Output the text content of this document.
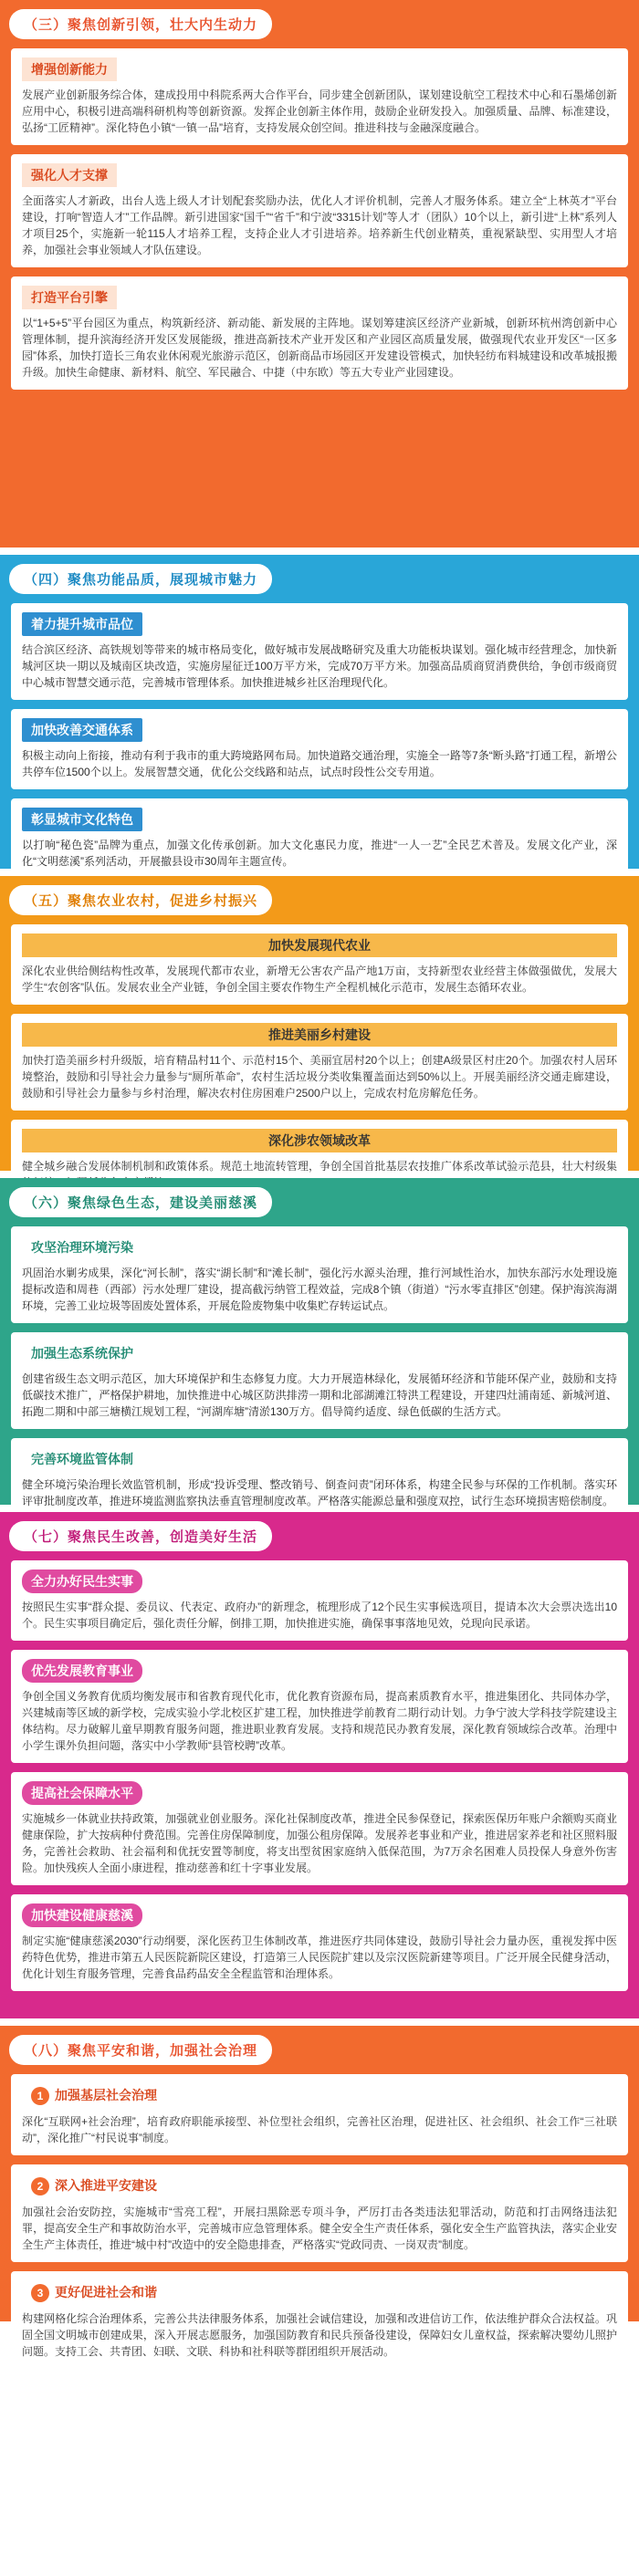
（三）聚焦创新引领，壮大内生动力
增强创新能力

发展产业创新服务综合体，建成投用中科院系两大合作平台，同步建全创新团队，谋划建设航空工程技术中心和石墨烯创新应用中心，积极引进高端科研机构等创新资源。发挥企业创新主体作用，鼓励企业研发投入。加强质量、品牌、标准建设，弘扬“工匠精神”。深化特色小镇“一镇一品”培育，支持发展众创空间。推进科技与金融深度融合。

强化人才支撑

全面落实人才新政，出台人选上级人才计划配套奖励办法，优化人才评价机制，完善人才服务体系。建立全“上林英才”平台建设，打响“智造人才”工作品牌。新引进国家“国千”“省千”和宁波“3315计划”等人才（团队）10个以上，新引进“上林”系列人才项目25个，实施新一轮115人才培养工程，支持企业人才引进培养。培养新生代创业精英，重视紧缺型、实用型人才培养，加强社会事业领域人才队伍建设。

打造平台引擎

以“1+5+5”平台园区为重点，构筑新经济、新动能、新发展的主阵地。谋划筹建滨区经济产业新城，创新环杭州湾创新中心管理体制，提升滨海经济开发区发展能级，推进高新技术产业开发区和产业园区高质量发展，做强现代农业开发区“一区多园”体系，加快打造长三角农业休闲观光旅游示范区，创新商品市场园区开发建设管模式，加快轻纺布料城建设和改革城报搬升级。加快生命健康、新材料、航空、军民融合、中捷（中东欧）等五大专业产业园建设。

（四）聚焦功能品质，展现城市魅力
着力提升城市品位

结合滨区经济、高铁规划等带来的城市格局变化，做好城市发展战略研究及重大功能板块谋划。强化城市经营理念，加快新城河区块一期以及城南区块改造，实施房屋征迁100万平方米，完成70万平方米。加强高品质商贸消费供给，争创市级商贸中心城市智慧交通示范，完善城市管理体系。加快推进城乡社区治理现代化。

加快改善交通体系

积极主动向上衔接，推动有利于我市的重大跨境路网布局。加快道路交通治理，实施全一路等7条“断头路”打通工程，新增公共停车位1500个以上。发展智慧交通，优化公交线路和站点，试点时段性公交专用道。

彰显城市文化特色

以打响“秘色瓷”品牌为重点，加强文化传承创新。加大文化惠民力度，推进“一人一艺”全民艺术普及。发展文化产业，深化“文明慈溪”系列活动，开展撤县设市30周年主题宣传。

（五）聚焦农业农村，促进乡村振兴
加快发展现代农业

深化农业供给侧结构性改革，发展现代都市农业，新增无公害农产品产地1万亩，支持新型农业经营主体做强做优，发展大学生“农创客”队伍。发展农业全产业链，争创全国主要农作物生产全程机械化示范市，发展生态循环农业。

推进美丽乡村建设

加快打造美丽乡村升级版，培育精品村11个、示范村15个、美丽宜居村20个以上；创建A级景区村庄20个。加强农村人居环境整治，鼓励和引导社会力量参与“厕所革命”，农村生活垃圾分类收集覆盖面达到50%以上。开展美丽经济交通走廊建设，鼓励和引导社会力量参与乡村治理，解决农村住房困难户2500户以上，完成农村危房解危任务。

深化涉农领域改革

健全城乡融合发展体制机制和政策体系。规范土地流转管理，争创全国首批基层农技推广体系改革试验示范县，壮大村级集

（六）聚焦绿色生态，建设美丽慈溪
攻坚治理环境污染

巩固治水剿劣成果，深化“河长制”，落实“湖长制”和“滩长制”，强化污水源头治理，推行河域性治水，加快东部污水处理设施提标改造和周巷（西部）污水处理厂建设，提高截污纳管工程效益，完成8个镇（街道）“污水零直排区”创建。保护海滨海湖环境，完善工业垃圾等固废处置体系，开展危险废物集中收集贮存转运试点。

加强生态系统保护

创建省级生态文明示范区，加大环境保护和生态修复力度。大力开展造林绿化，发展循环经济和节能环保产业，鼓励和支持低碳技术推广，严格保护耕地，加快推进中心城区防洪排涝一期和北部湖滩江特洪工程建设，开建四灶浦南延、新城河道、拓跑二期和中部三塘横江规划工程，“河湖库塘”清淤130万方。倡导简约适度、绿色低碳的生活方式。

完善环境监管体制

健全环境污染治理长效监管机制，形成“投诉受理、整改销号、倒查问责”闭环体系，构建全民参与环保的工作机制。落实环评审批制度改革，推进环境监测监察执法垂直管理制度改革。严格落实能源总量和强度双控，试行生态环境损害赔偿制度。

（七）聚焦民生改善，创造美好生活
全力办好民生实事

按照民生实事“群众提、委员议、代表定、政府办”的新理念，梳理形成了12个民生实事候选项目，提请本次大会票决选出10个。民生实事项目确定后，强化责任分解，倒排工期，加快推进实施，确保事事落地见效，兑现向民承诺。

优先发展教育事业

争创全国义务教育优质均衡发展市和省教育现代化市，优化教育资源布局，提高素质教育水平，推进集团化、共同体办学，兴建城南等区域的新学校，完成实验小学北校区扩建工程，加快推进学前教育二期行动计划。力争宁波大学科技学院建设主体结构。尽力破解儿童早期教育服务问题，推进职业教育发展。支持和规范民办教育发展，深化教育领域综合改革。治理中小学生课外负担问题，落实中小学教师“县管校聘”改革。

提高社会保障水平

实施城乡一体就业扶持政策，加强就业创业服务。深化社保制度改革，推进全民参保登记，探索医保历年账户余额购买商业健康保险，扩大按病种付费范围。完善住房保障制度，加强公租房保障。发展养老事业和产业，推进居家养老和社区照料服务，完善社会救助、社会福利和优抚安置等制度，将支出型贫困家庭纳入低保范围，为7万余名困难人员投保人身意外伤害险。加快残疾人全面小康进程，推动慈善和红十字事业发展。

加快建设健康慈溪

制定实施“健康慈溪2030”行动纲要，深化医药卫生体制改革，推进医疗共同体建设，鼓励引导社会力量办医，重视发挥中医药特色优势，推进市第五人民医院新院区建设，打造第三人民医院扩建以及宗汉医院新建等项目。广泛开展全民健身活动，优化计划生育服务管理，完善食品药品安全全程监管和治理体系。

（八）聚焦平安和谐，加强社会治理
1 加强基层社会治理

深化“互联网+社会治理”，培育政府职能承接型、补位型社会组织，完善社区治理，促进社区、社会组织、社会工作“三社联动”，深化推广“村民说事”制度。

2 深入推进平安建设

加强社会治安防控，实施城市“雪亮工程”，开展扫黑除恶专项斗争，严厉打击各类违法犯罪活动，防范和打击网络违法犯罪，提高安全生产和事故防治水平，完善城市应急管理体系。健全安全生产责任体系，强化安全生产监管执法，落实企业安全生产主体责任，推进“城中村”改造中的安全隐患排查，严格落实“党政同责、一岗双责”制度。

3 更好促进社会和谐

构建网格化综合治理体系，完善公共法律服务体系，加强社会诚信建设，加强和改进信访工作，依法维护群众合法权益。巩固全国文明城市创建成果，深入开展志愿服务，加强国防教育和民兵预备役建设，保障妇女儿童权益，探索解决婴幼儿照护问题。支持工会、共青团、妇联、文联、科协和社科联等群团组织开展活动。
